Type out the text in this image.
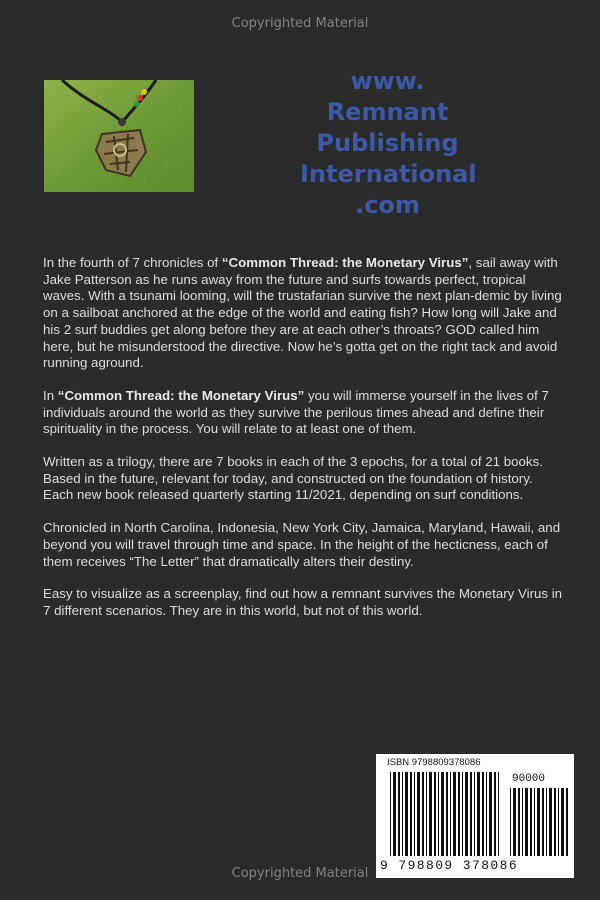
Copyrighted Material
www.
Remnant
Publishing
International
.com

In the fourth of 7 chronicles of “Common Thread: the Monetary Virus”, sail away with Jake Patterson as he runs away from the future and surfs towards perfect, tropical waves. With a tsunami looming, will the trustafarian survive the next plan-demic by living on a sailboat anchored at the edge of the world and eating fish? How long will Jake and his 2 surf buddies get along before they are at each other’s throats? GOD called him here, but he misunderstood the directive. Now he’s gotta get on the right tack and avoid running aground.

In “Common Thread: the Monetary Virus” you will immerse yourself in the lives of 7 individuals around the world as they survive the perilous times ahead and define their spirituality in the process. You will relate to at least one of them.

Written as a trilogy, there are 7 books in each of the 3 epochs, for a total of 21 books. Based in the future, relevant for today, and constructed on the foundation of history. Each new book released quarterly starting 11/2021, depending on surf conditions.

Chronicled in North Carolina, Indonesia, New York City, Jamaica, Maryland, Hawaii, and beyond you will travel through time and space. In the height of the hecticness, each of them receives “The Letter” that dramatically alters their destiny.

Easy to visualize as a screenplay, find out how a remnant survives the Monetary Virus in 7 different scenarios. They are in this world, but not of this world.

ISBN 9798809378086
90000
9 798809 378086
Copyrighted Material
